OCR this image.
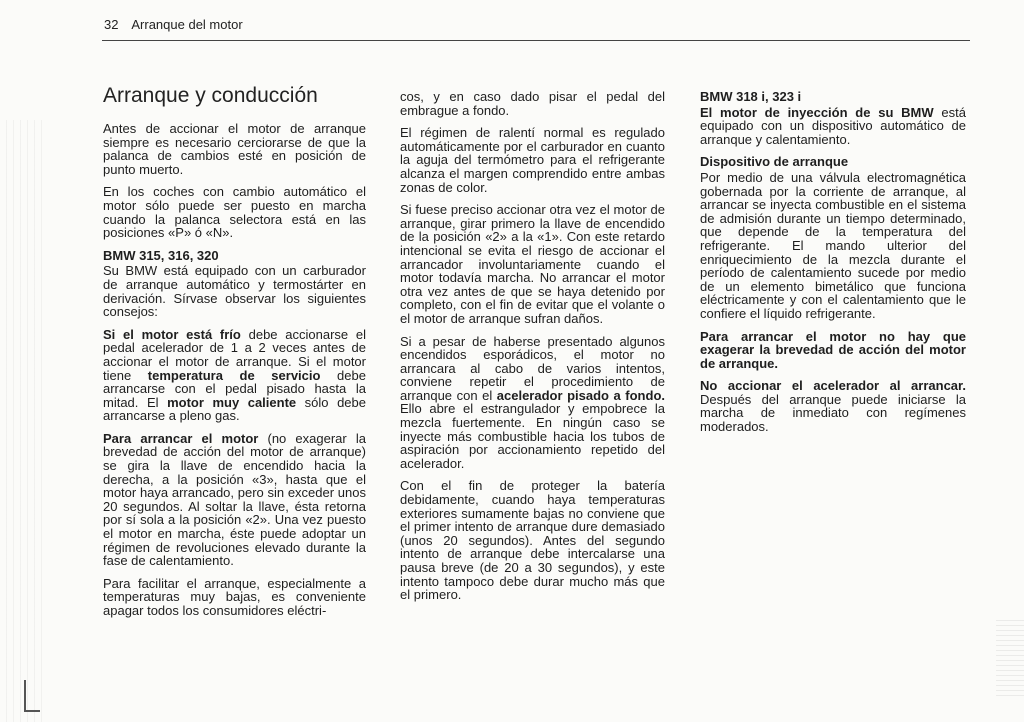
32 Arranque del motor
Arranque y conducción

Antes de accionar el motor de arranque siempre es necesario cerciorarse de que la palanca de cambios esté en posición de punto muerto.

En los coches con cambio automático el motor sólo puede ser puesto en marcha cuando la palanca selectora está en las posiciones «P» ó «N».

BMW 315, 316, 320

Su BMW está equipado con un carburador de arranque automático y termostárter en derivación. Sírvase observar los siguientes consejos:

Si el motor está frío debe accionarse el pedal acelerador de 1 a 2 veces antes de accionar el motor de arranque. Si el motor tiene temperatura de servicio debe arrancarse con el pedal pisado hasta la mitad. El motor muy caliente sólo debe arrancarse a pleno gas.

Para arrancar el motor (no exagerar la brevedad de acción del motor de arranque) se gira la llave de encendido hacia la derecha, a la posición «3», hasta que el motor haya arrancado, pero sin exceder unos 20 segundos. Al soltar la llave, ésta retorna por sí sola a la posición «2». Una vez puesto el motor en marcha, éste puede adoptar un régimen de revoluciones elevado durante la fase de calentamiento.

Para facilitar el arranque, especialmente a temperaturas muy bajas, es conveniente apagar todos los consumidores eléctri-

cos, y en caso dado pisar el pedal del embrague a fondo.

El régimen de ralentí normal es regulado automáticamente por el carburador en cuanto la aguja del termómetro para el refrigerante alcanza el margen comprendido entre ambas zonas de color.

Si fuese preciso accionar otra vez el motor de arranque, girar primero la llave de encendido de la posición «2» a la «1». Con este retardo intencional se evita el riesgo de accionar el arrancador involuntariamente cuando el motor todavía marcha. No arrancar el motor otra vez antes de que se haya detenido por completo, con el fin de evitar que el volante o el motor de arranque sufran daños.

Si a pesar de haberse presentado algunos encendidos esporádicos, el motor no arrancara al cabo de varios intentos, conviene repetir el procedimiento de arranque con el acelerador pisado a fondo. Ello abre el estrangulador y empobrece la mezcla fuertemente. En ningún caso se inyecte más combustible hacia los tubos de aspiración por accionamiento repetido del acelerador.

Con el fin de proteger la batería debidamente, cuando haya temperaturas exteriores sumamente bajas no conviene que el primer intento de arranque dure demasiado (unos 20 segundos). Antes del segundo intento de arranque debe intercalarse una pausa breve (de 20 a 30 segundos), y este intento tampoco debe durar mucho más que el primero.

BMW 318 i, 323 i

El motor de inyección de su BMW está equipado con un dispositivo automático de arranque y calentamiento.

Dispositivo de arranque

Por medio de una válvula electromagnética gobernada por la corriente de arranque, al arrancar se inyecta combustible en el sistema de admisión durante un tiempo determinado, que depende de la temperatura del refrigerante. El mando ulterior del enriquecimiento de la mezcla durante el período de calentamiento sucede por medio de un elemento bimetálico que funciona eléctricamente y con el calentamiento que le confiere el líquido refrigerante.

Para arrancar el motor no hay que exagerar la brevedad de acción del motor de arranque.

No accionar el acelerador al arrancar. Después del arranque puede iniciarse la marcha de inmediato con regímenes moderados.
